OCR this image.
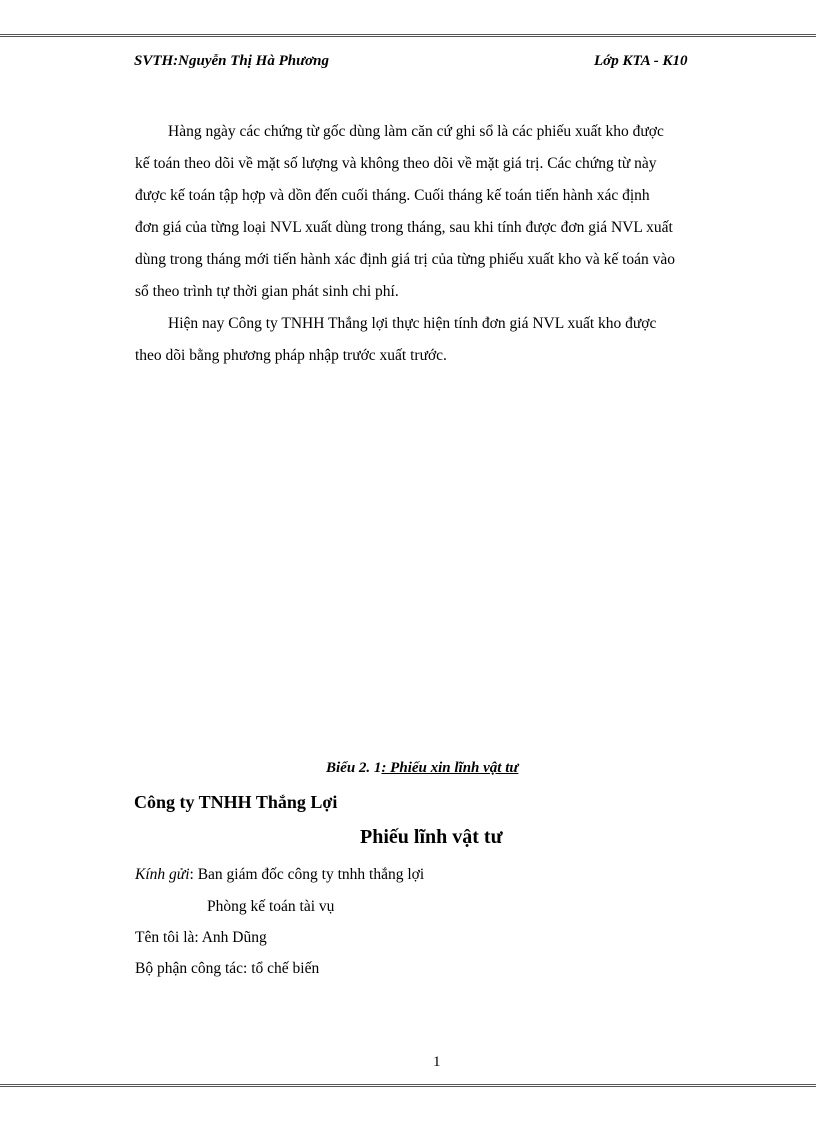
SVTH:Nguyễn Thị Hà Phương	Lớp KTA - K10
Hàng ngày các chứng từ gốc dùng làm căn cứ ghi sổ là các phiếu xuất kho được
kế toán theo dõi về mặt số lượng và không theo dõi về mặt giá trị. Các chứng từ này
được kế toán tập hợp và dồn đến cuối tháng. Cuối tháng kế toán tiến hành xác định
đơn giá của từng loại NVL xuất dùng trong tháng, sau khi tính được đơn giá NVL xuất
dùng trong tháng mới tiến hành xác định giá trị của từng phiếu xuất kho và kế toán vào
sổ theo trình tự thời gian phát sinh chi phí.
Hiện nay Công ty TNHH Thắng lợi thực hiện tính đơn giá NVL xuất kho được
theo dõi bằng phương pháp nhập trước xuất trước.
Biểu 2. 1: Phiếu xin lĩnh vật tư
Công ty TNHH Thắng Lợi
Phiếu lĩnh vật tư
Kính gửi: Ban giám đốc công ty tnhh thắng lợi
Phòng kế toán tài vụ
Tên tôi là: Anh Dũng
Bộ phận công tác: tổ chế biến
1
